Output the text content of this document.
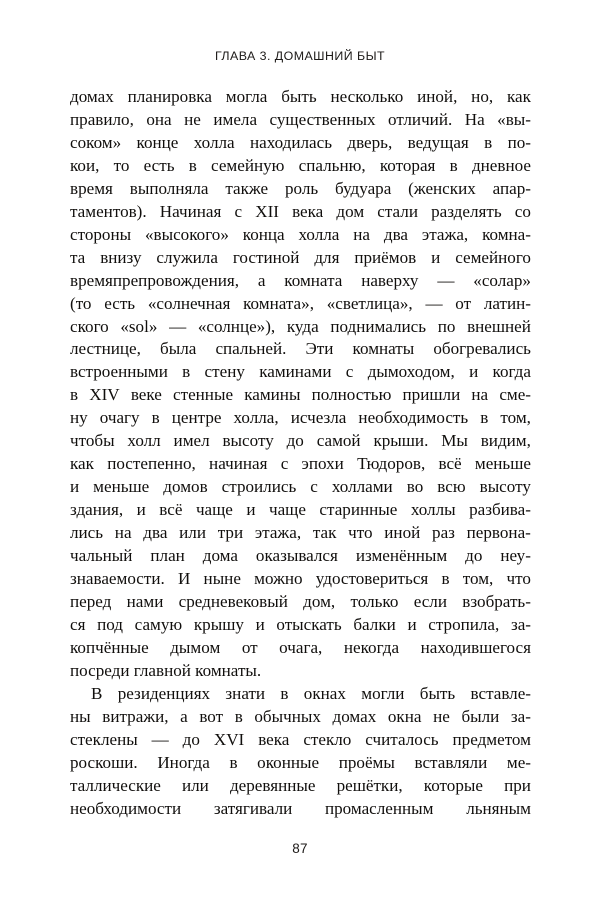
ГЛАВА 3. ДОМАШНИЙ БЫТ
домах планировка могла быть несколько иной, но, как
правило, она не имела существенных отличий. На «вы-
соком» конце холла находилась дверь, ведущая в по-
кои, то есть в семейную спальню, которая в дневное
время выполняла также роль будуара (женских апар-
таментов). Начиная с XII века дом стали разделять со
стороны «высокого» конца холла на два этажа, комна-
та внизу служила гостиной для приёмов и семейного
времяпрепровождения, а комната наверху — «солар»
(то есть «солнечная комната», «светлица», — от латин-
ского «sol» — «солнце»), куда поднимались по внешней
лестнице, была спальней. Эти комнаты обогревались
встроенными в стену каминами с дымоходом, и когда
в XIV веке стенные камины полностью пришли на сме-
ну очагу в центре холла, исчезла необходимость в том,
чтобы холл имел высоту до самой крыши. Мы видим,
как постепенно, начиная с эпохи Тюдоров, всё меньше
и меньше домов строились с холлами во всю высоту
здания, и всё чаще и чаще старинные холлы разбива-
лись на два или три этажа, так что иной раз первона-
чальный план дома оказывался изменённым до неу-
знаваемости. И ныне можно удостовериться в том, что
перед нами средневековый дом, только если взобрать-
ся под самую крышу и отыскать балки и стропила, за-
копчённые дымом от очага, некогда находившегося
посреди главной комнаты.
В резиденциях знати в окнах могли быть вставле-
ны витражи, а вот в обычных домах окна не были за-
стеклены — до XVI века стекло считалось предметом
роскоши. Иногда в оконные проёмы вставляли ме-
таллические или деревянные решётки, которые при
необходимости затягивали промасленным льняным
87
